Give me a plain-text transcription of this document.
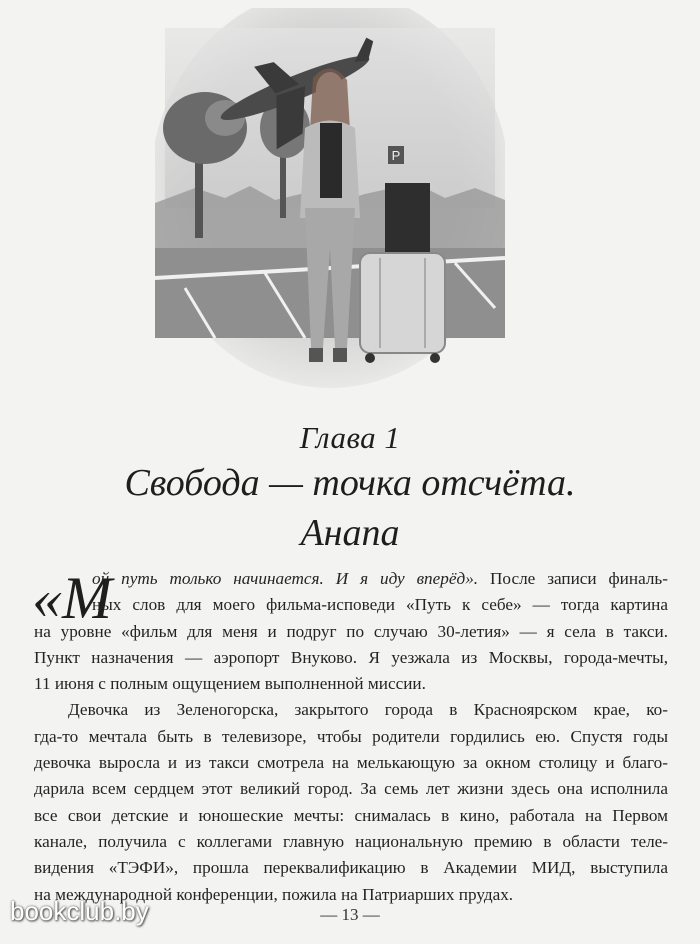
P
Глава 1
Свобода — точка отсчёта.
Анапа
«М
ой путь только начинается. И я иду вперёд». После записи финаль-
ных слов для моего фильма-исповеди «Путь к себе» — тогда картина
на уровне «фильм для меня и подруг по случаю 30-летия» — я села в такси.
Пункт назначения — аэропорт Внуково. Я уезжала из Москвы, города-мечты,
11 июня с полным ощущением выполненной миссии.
Девочка из Зеленогорска, закрытого города в Красноярском крае, ко-
гда-то мечтала быть в телевизоре, чтобы родители гордились ею. Спустя годы
девочка выросла и из такси смотрела на мелькающую за окном столицу и благо-
дарила всем сердцем этот великий город. За семь лет жизни здесь она исполнила
все свои детские и юношеские мечты: снималась в кино, работала на Первом
канале, получила с коллегами главную национальную премию в области теле-
видения «ТЭФИ», прошла переквалификацию в Академии МИД, выступила
на международной конференции, пожила на Патриарших прудах.
— 13 —
bookclub.by
